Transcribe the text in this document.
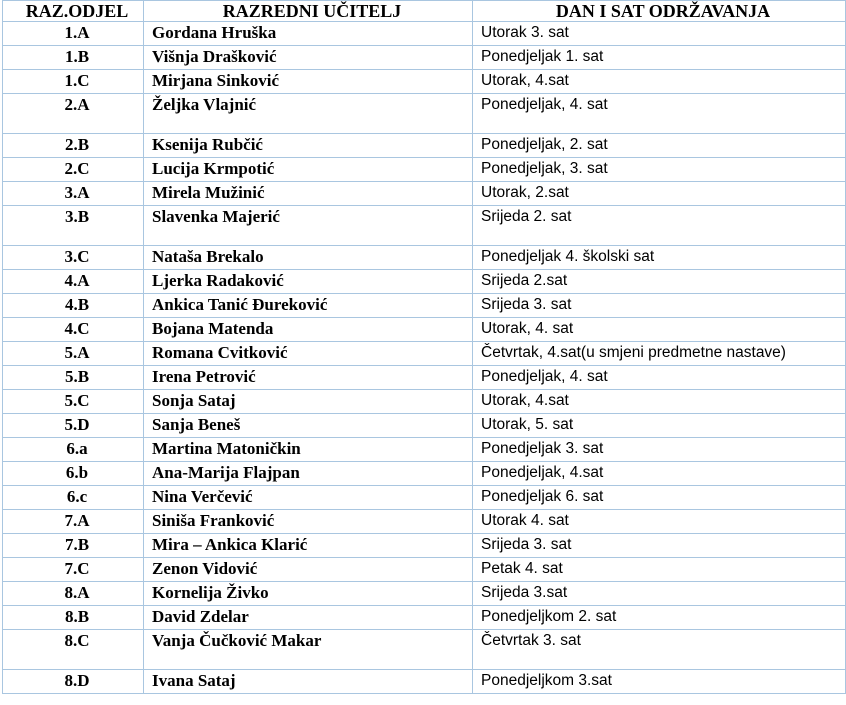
RAZ.ODJEL	RAZREDNI UČITELJ	DAN I SAT ODRŽAVANJA
1.A	Gordana Hruška	Utorak 3. sat
1.B	Višnja Drašković	Ponedjeljak 1. sat
1.C	Mirjana Sinković	Utorak, 4.sat
2.A	Željka Vlajnić	Ponedjeljak, 4. sat
2.B	Ksenija Rubčić	Ponedjeljak, 2. sat
2.C	Lucija Krmpotić	Ponedjeljak, 3. sat
3.A	Mirela Mužinić	Utorak, 2.sat
3.B	Slavenka Majerić	Srijeda 2. sat
3.C	Nataša Brekalo	Ponedjeljak 4. školski sat
4.A	Ljerka Radaković	Srijeda 2.sat
4.B	Ankica Tanić Đureković	Srijeda 3. sat
4.C	Bojana Matenda	Utorak, 4. sat
5.A	Romana Cvitković	Četvrtak, 4.sat(u smjeni predmetne nastave)
5.B	Irena Petrović	Ponedjeljak, 4. sat
5.C	Sonja Sataj	Utorak, 4.sat
5.D	Sanja Beneš	Utorak, 5. sat
6.a	Martina Matoničkin	Ponedjeljak 3. sat
6.b	Ana-Marija Flajpan	Ponedjeljak, 4.sat
6.c	Nina Verčević	Ponedjeljak 6. sat
7.A	Siniša Franković	Utorak 4. sat
7.B	Mira – Ankica Klarić	Srijeda 3. sat
7.C	Zenon Vidović	Petak 4. sat
8.A	Kornelija Živko	Srijeda 3.sat
8.B	David Zdelar	Ponedjeljkom 2. sat
8.C	Vanja Čučković Makar	Četvrtak 3. sat
8.D	Ivana Sataj	Ponedjeljkom 3.sat
